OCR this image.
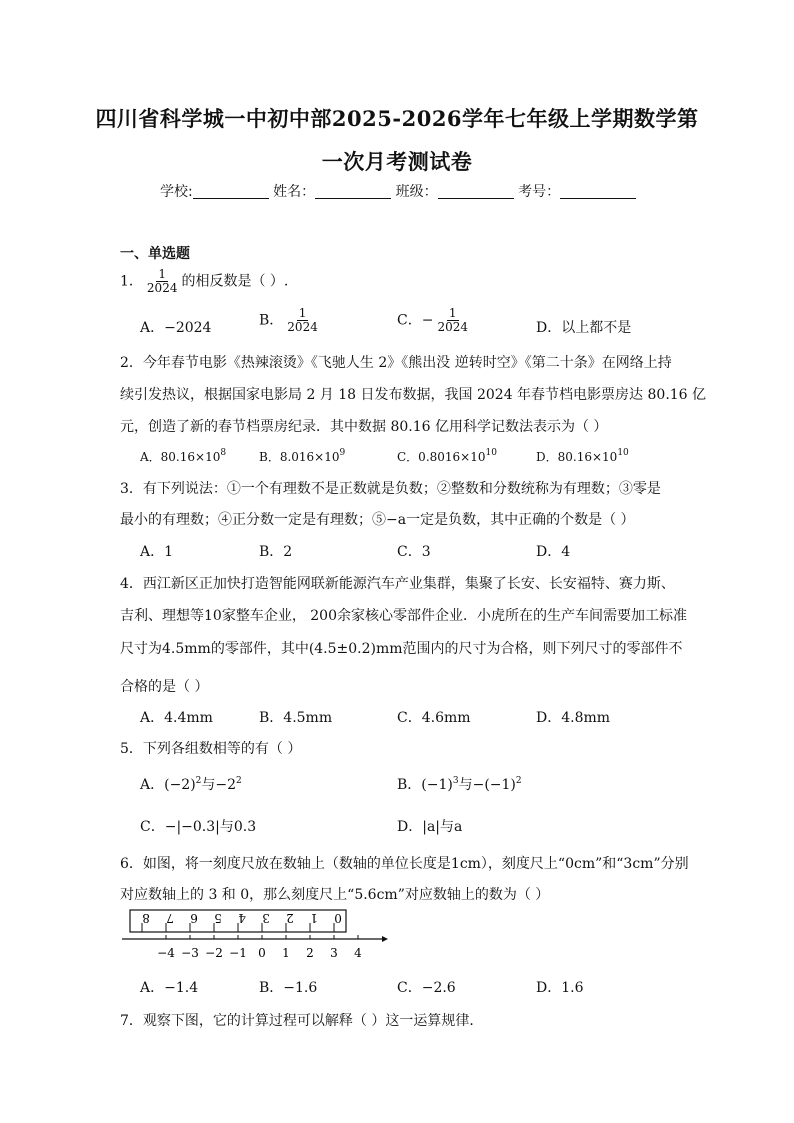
四川省科学城一中初中部2025-2026学年七年级上学期数学第
一次月考测试卷
学校:	姓名：	班级：	考号：
一、单选题
1． $\frac{1}{2024}$ 的相反数是（ ）.
A．−2024	B． $\frac{1}{2024}$	C．− $\frac{1}{2024}$	D．以上都不是
2．今年春节电影《热辣滚烫》《飞驰人生 2》《熊出没 逆转时空》《第二十条》在网络上持
续引发热议，根据国家电影局 2 月 18 日发布数据，我国 2024 年春节档电影票房达 80.16 亿
元，创造了新的春节档票房纪录．其中数据 80.16 亿用科学记数法表示为（ ）
A．$80.16\times 10^8$	B．$8.016\times 10^9$	C．$0.8016\times 10^{10}$	D．$80.16\times 10^{10}$
3．有下列说法：①一个有理数不是正数就是负数；②整数和分数统称为有理数；③零是
最小的有理数；④正分数一定是有理数；⑤−a一定是负数，其中正确的个数是（ ）
A．1	B．2	C．3	D．4
4．西江新区正加快打造智能网联新能源汽车产业集群，集聚了长安、长安福特、赛力斯、
吉利、理想等10家整车企业， 200余家核心零部件企业．小虎所在的生产车间需要加工标准
尺寸为4.5mm的零部件，其中(4.5±0.2)mm范围内的尺寸为合格，则下列尺寸的零部件不
合格的是（ ）
A．4.4mm	B．4.5mm	C．4.6mm	D．4.8mm
5．下列各组数相等的有（ ）
A．$(-2)^2$与$-2^2$	B．$(-1)^3$与$-(-1)^2$
C．−|−0.3|与0.3	D．|a|与a
6．如图，将一刻度尺放在数轴上（数轴的单位长度是1cm），刻度尺上“0cm”和“3cm”分别
对应数轴上的 3 和 0，那么刻度尺上“5.6cm”对应数轴上的数为（ ）
8 7 6 5 4 3 2 1 0
−4 −3 −2 −1 0 1 2 3 4
A．−1.4	B．−1.6	C．−2.6	D．1.6
7．观察下图，它的计算过程可以解释（ ）这一运算规律．
